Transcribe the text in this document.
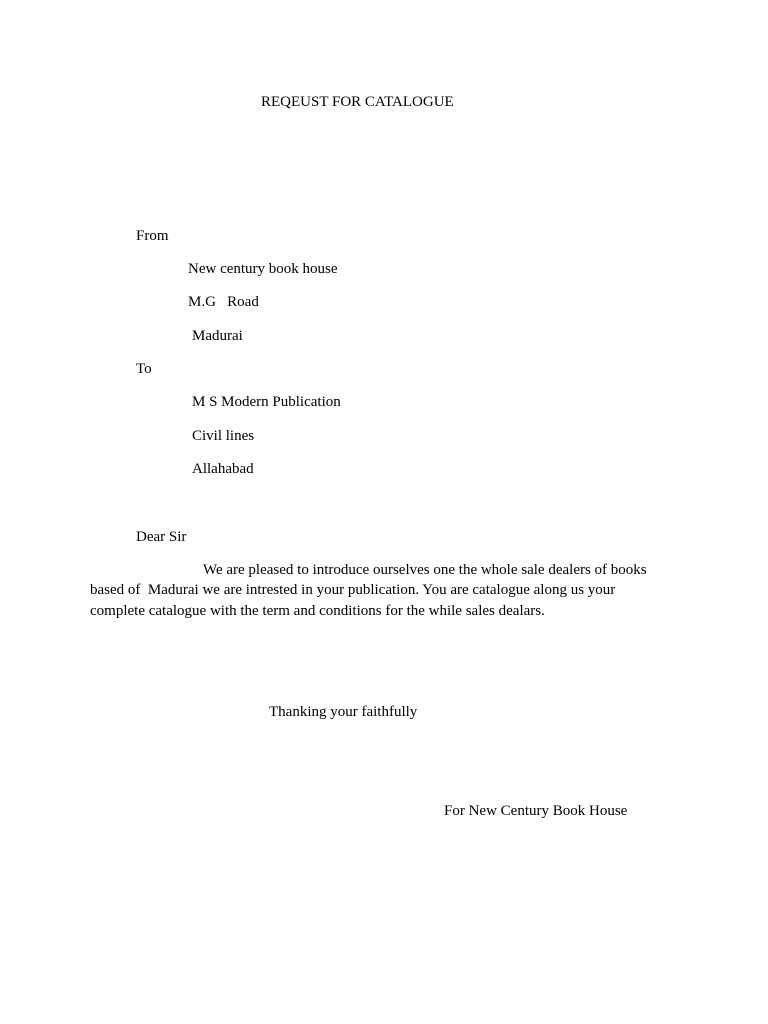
REQEUST FOR CATALOGUE
From
New century book house
M.G   Road
Madurai
To
M S Modern Publication
Civil lines
Allahabad
Dear Sir
We are pleased to introduce ourselves one the whole sale dealers of books
based of  Madurai we are intrested in your publication. You are catalogue along us your
complete catalogue with the term and conditions for the while sales dealars.
Thanking your faithfully
For New Century Book House
